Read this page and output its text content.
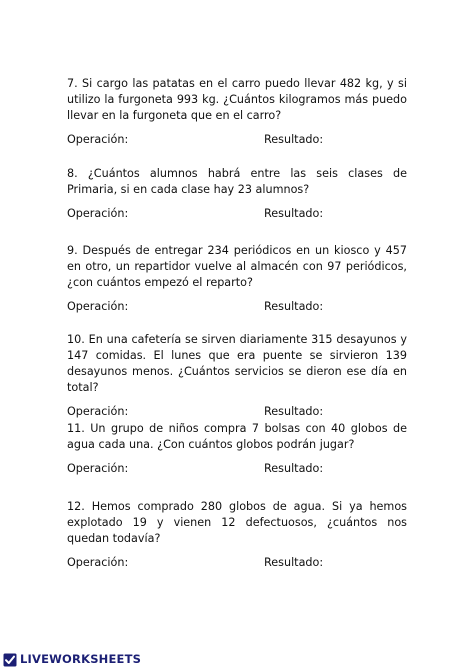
7. Si cargo las patatas en el carro puedo llevar 482 kg, y si utilizo la furgoneta 993 kg. ¿Cuántos kilogramos más puedo llevar en la furgoneta que en el carro?

Operación:	Resultado:

8. ¿Cuántos alumnos habrá entre las seis clases de Primaria, si en cada clase hay 23 alumnos?

Operación:	Resultado:

9. Después de entregar 234 periódicos en un kiosco y 457 en otro, un repartidor vuelve al almacén con 97 periódicos, ¿con cuántos empezó el reparto?

Operación:	Resultado:

10. En una cafetería se sirven diariamente 315 desayunos y 147 comidas. El lunes que era puente se sirvieron 139 desayunos menos. ¿Cuántos servicios se dieron ese día en total?

Operación:	Resultado:

11. Un grupo de niños compra 7 bolsas con 40 globos de agua cada una. ¿Con cuántos globos podrán jugar?

Operación:	Resultado:

12. Hemos comprado 280 globos de agua. Si ya hemos explotado 19 y vienen 12 defectuosos, ¿cuántos nos quedan todavía?

Operación:	Resultado:
LIVEWORKSHEETS
